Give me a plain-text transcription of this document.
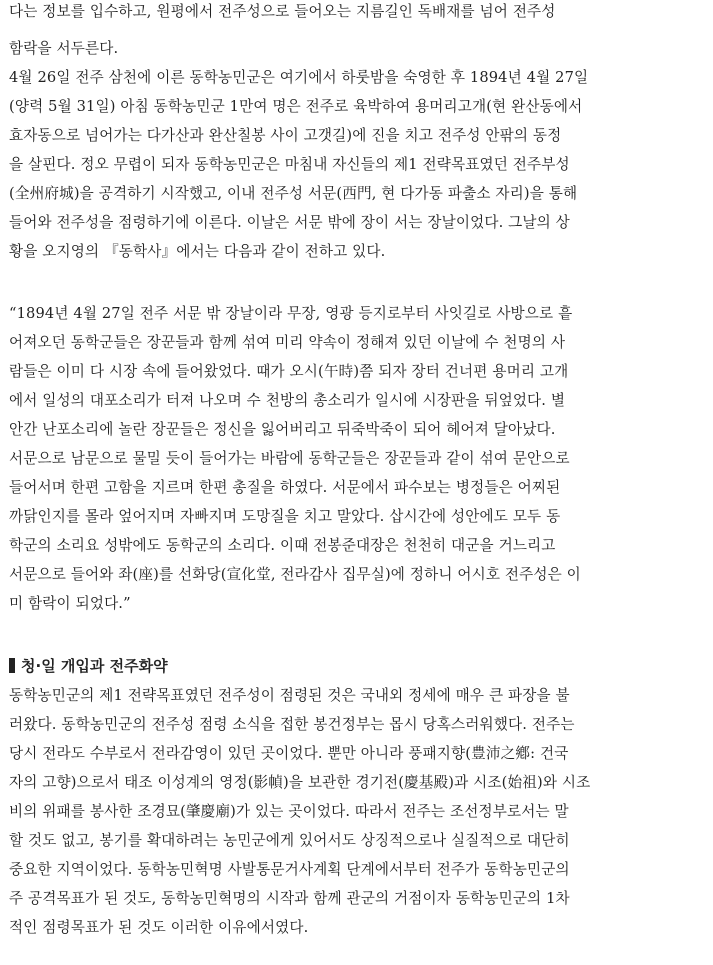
다는 정보를 입수하고, 원평에서 전주성으로 들어오는 지름길인 독배재를 넘어 전주성
함락을 서두른다.
4월 26일 전주 삼천에 이른 동학농민군은 여기에서 하룻밤을 숙영한 후 1894년 4월 27일
(양력 5월 31일) 아침 동학농민군 1만여 명은 전주로 육박하여 용머리고개(현 완산동에서
효자동으로 넘어가는 다가산과 완산칠봉 사이 고갯길)에 진을 치고 전주성 안팎의 동정
을 살핀다. 정오 무렵이 되자 동학농민군은 마침내 자신들의 제1 전략목표였던 전주부성
(全州府城)을 공격하기 시작했고, 이내 전주성 서문(西門, 현 다가동 파출소 자리)을 통해
들어와 전주성을 점령하기에 이른다. 이날은 서문 밖에 장이 서는 장날이었다. 그날의 상
황을 오지영의 『동학사』에서는 다음과 같이 전하고 있다.
“1894년 4월 27일 전주 서문 밖 장날이라 무장, 영광 등지로부터 사잇길로 사방으로 흩
어져오던 동학군들은 장꾼들과 함께 섞여 미리 약속이 정해져 있던 이날에 수 천명의 사
람들은 이미 다 시장 속에 들어왔었다. 때가 오시(午時)쯤 되자 장터 건너편 용머리 고개
에서 일성의 대포소리가 터져 나오며 수 천방의 총소리가 일시에 시장판을 뒤엎었다. 별
안간 난포소리에 놀란 장꾼들은 정신을 잃어버리고 뒤죽박죽이 되어 헤어져 달아났다.
서문으로 남문으로 물밀 듯이 들어가는 바람에 동학군들은 장꾼들과 같이 섞여 문안으로
들어서며 한편 고함을 지르며 한편 총질을 하였다. 서문에서 파수보는 병정들은 어찌된
까닭인지를 몰라 엎어지며 자빠지며 도망질을 치고 말았다. 삽시간에 성안에도 모두 동
학군의 소리요 성밖에도 동학군의 소리다. 이때 전봉준대장은 천천히 대군을 거느리고
서문으로 들어와 좌(座)를 선화당(宣化堂, 전라감사 집무실)에 정하니 어시호 전주성은 이
미 함락이 되었다.”
청·일 개입과 전주화약
동학농민군의 제1 전략목표였던 전주성이 점령된 것은 국내외 정세에 매우 큰 파장을 불
러왔다. 동학농민군의 전주성 점령 소식을 접한 봉건정부는 몹시 당혹스러워했다. 전주는
당시 전라도 수부로서 전라감영이 있던 곳이었다. 뿐만 아니라 풍패지향(豊沛之鄕: 건국
자의 고향)으로서 태조 이성계의 영정(影幀)을 보관한 경기전(慶基殿)과 시조(始祖)와 시조
비의 위패를 봉사한 조경묘(肇慶廟)가 있는 곳이었다. 따라서 전주는 조선정부로서는 말
할 것도 없고, 봉기를 확대하려는 농민군에게 있어서도 상징적으로나 실질적으로 대단히
중요한 지역이었다. 동학농민혁명 사발통문거사계획 단계에서부터 전주가 동학농민군의
주 공격목표가 된 것도, 동학농민혁명의 시작과 함께 관군의 거점이자 동학농민군의 1차
적인 점령목표가 된 것도 이러한 이유에서였다.
